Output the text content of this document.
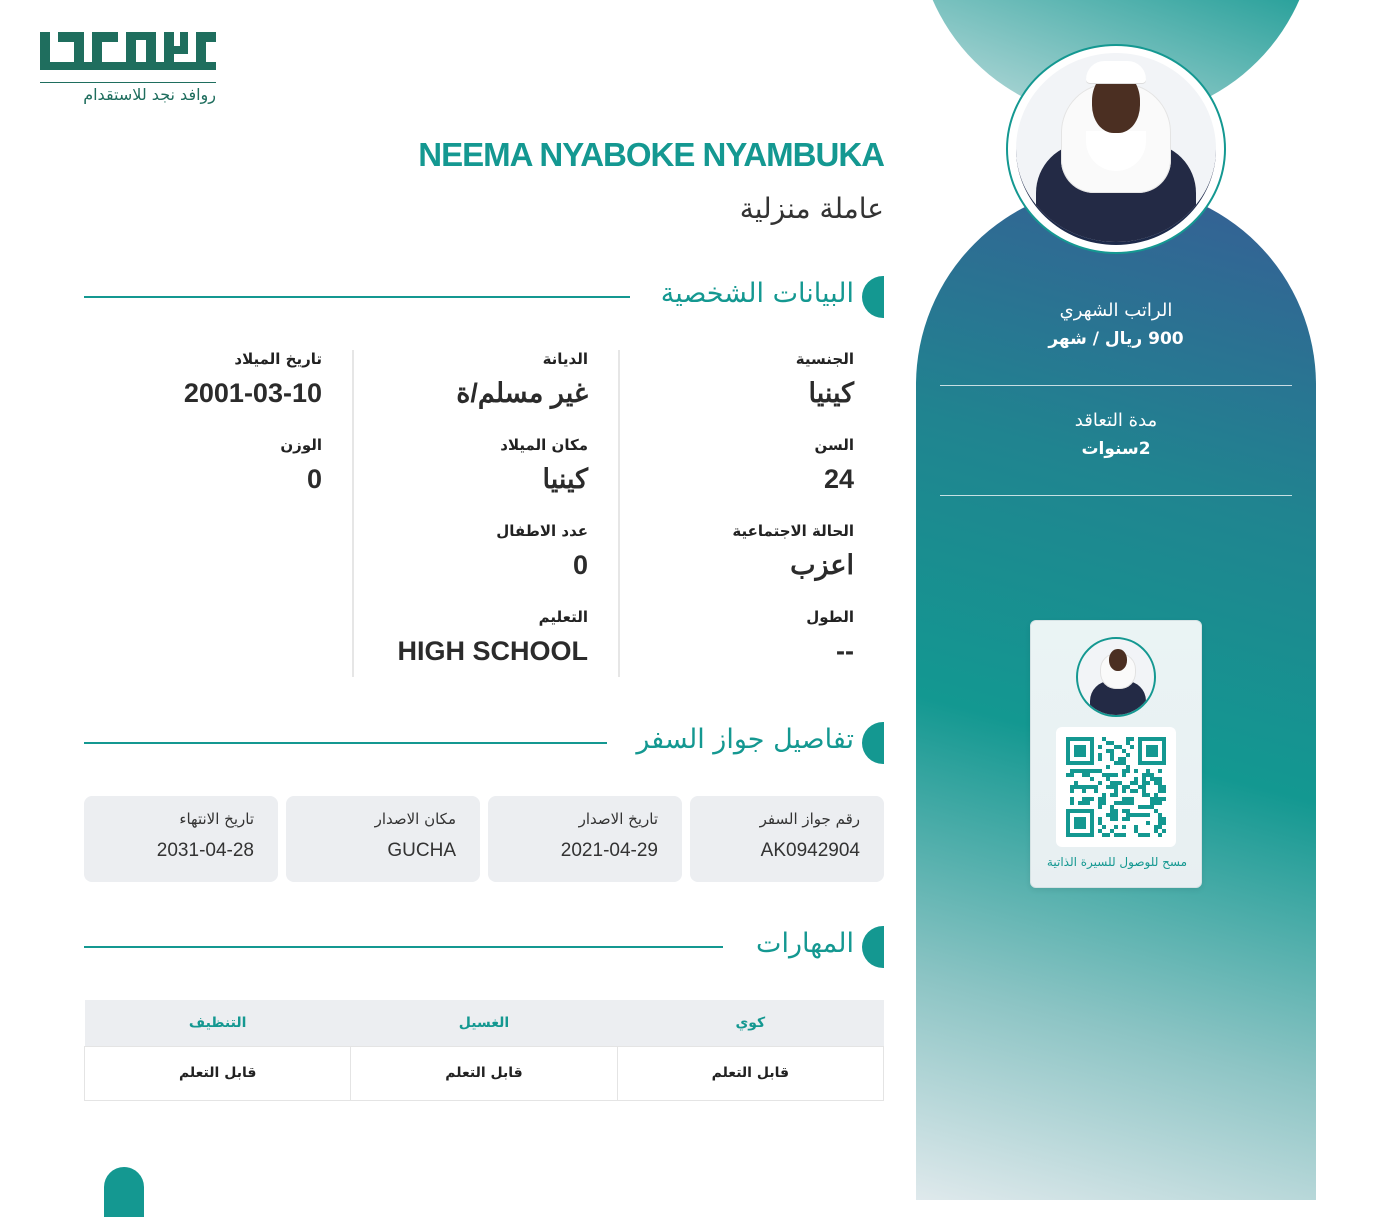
روافد نجد للاستقدام
NEEMA NYABOKE NYAMBUKA
عاملة منزلية
البيانات الشخصية
الجنسية
كينيا
السن
24
الحالة الاجتماعية
اعزب
الطول
--
الديانة
غير مسلم/ة
مكان الميلاد
كينيا
عدد الاطفال
0
التعليم
HIGH SCHOOL
تاريخ الميلاد
2001-03-10
الوزن
0
تفاصيل جواز السفر
رقم جواز السفر
AK0942904
تاريخ الاصدار
2021-04-29
مكان الاصدار
GUCHA
تاريخ الانتهاء
2031-04-28
المهارات
التنظيف	الغسيل	كوي
قابل التعلم	قابل التعلم	قابل التعلم
الراتب الشهري
900 ريال / شهر
مدة التعاقد
2سنوات
مسح للوصول للسيرة الذاتية
